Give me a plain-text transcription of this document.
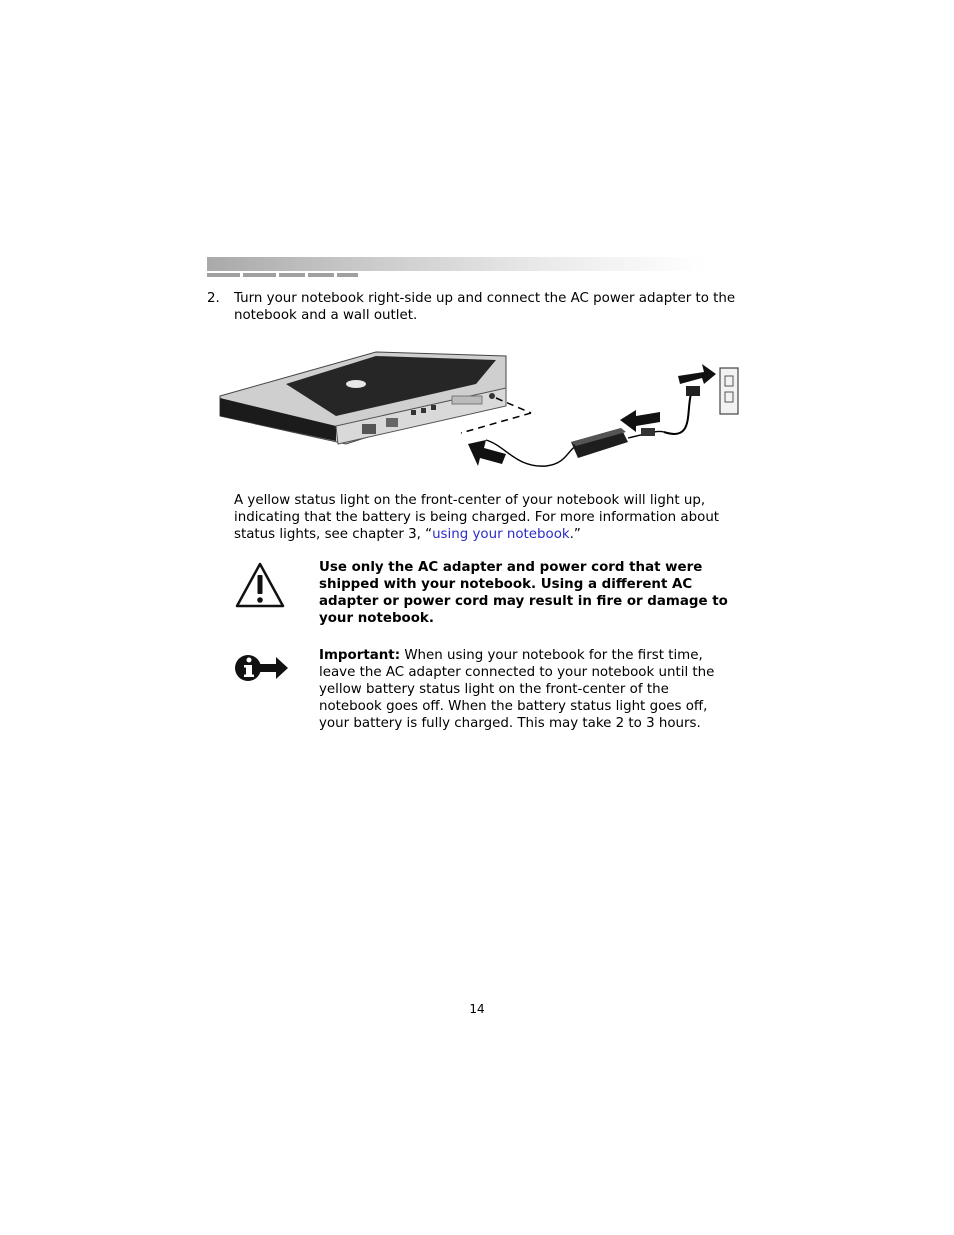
2. Turn your notebook right-side up and connect the AC power adapter to the notebook and a wall outlet.
A yellow status light on the front-center of your notebook will light up, indicating that the battery is being charged. For more information about status lights, see chapter 3, “using your notebook.”
Use only the AC adapter and power cord that were shipped with your notebook. Using a different AC adapter or power cord may result in fire or damage to your notebook.
Important: When using your notebook for the first time, leave the AC adapter connected to your notebook until the yellow battery status light on the front-center of the notebook goes off. When the battery status light goes off, your battery is fully charged. This may take 2 to 3 hours.
14
